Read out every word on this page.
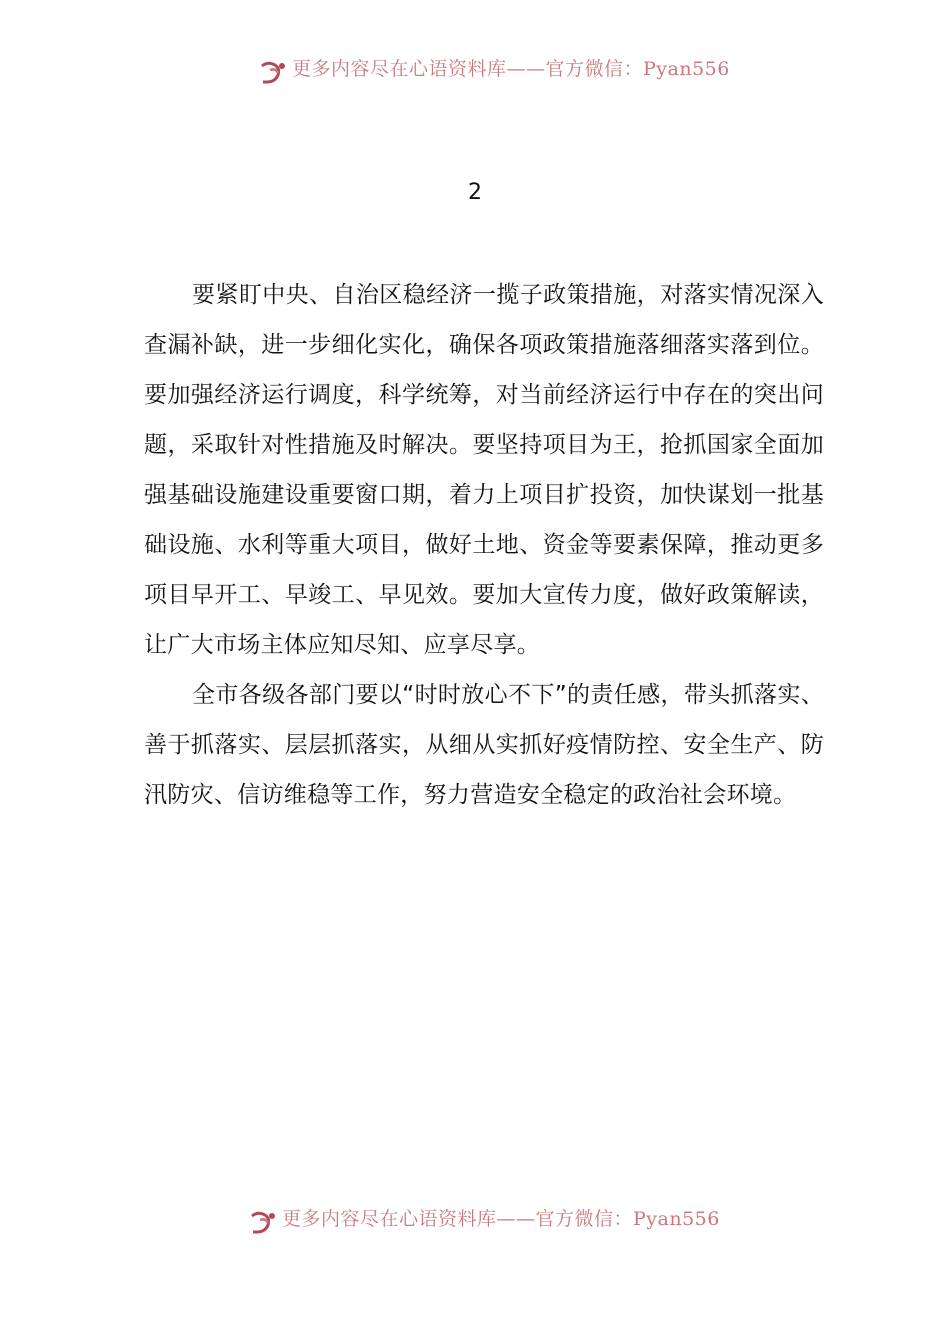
更多内容尽在心语资料库——官方微信：Pyan556
2

要紧盯中央、自治区稳经济一揽子政策措施，对落实情况深入查漏补缺，进一步细化实化，确保各项政策措施落细落实落到位。要加强经济运行调度，科学统筹，对当前经济运行中存在的突出问题，采取针对性措施及时解决。要坚持项目为王，抢抓国家全面加强基础设施建设重要窗口期，着力上项目扩投资，加快谋划一批基础设施、水利等重大项目，做好土地、资金等要素保障，推动更多项目早开工、早竣工、早见效。要加大宣传力度，做好政策解读，让广大市场主体应知尽知、应享尽享。

全市各级各部门要以“时时放心不下”的责任感，带头抓落实、善于抓落实、层层抓落实，从细从实抓好疫情防控、安全生产、防汛防灾、信访维稳等工作，努力营造安全稳定的政治社会环境。

更多内容尽在心语资料库——官方微信：Pyan556
